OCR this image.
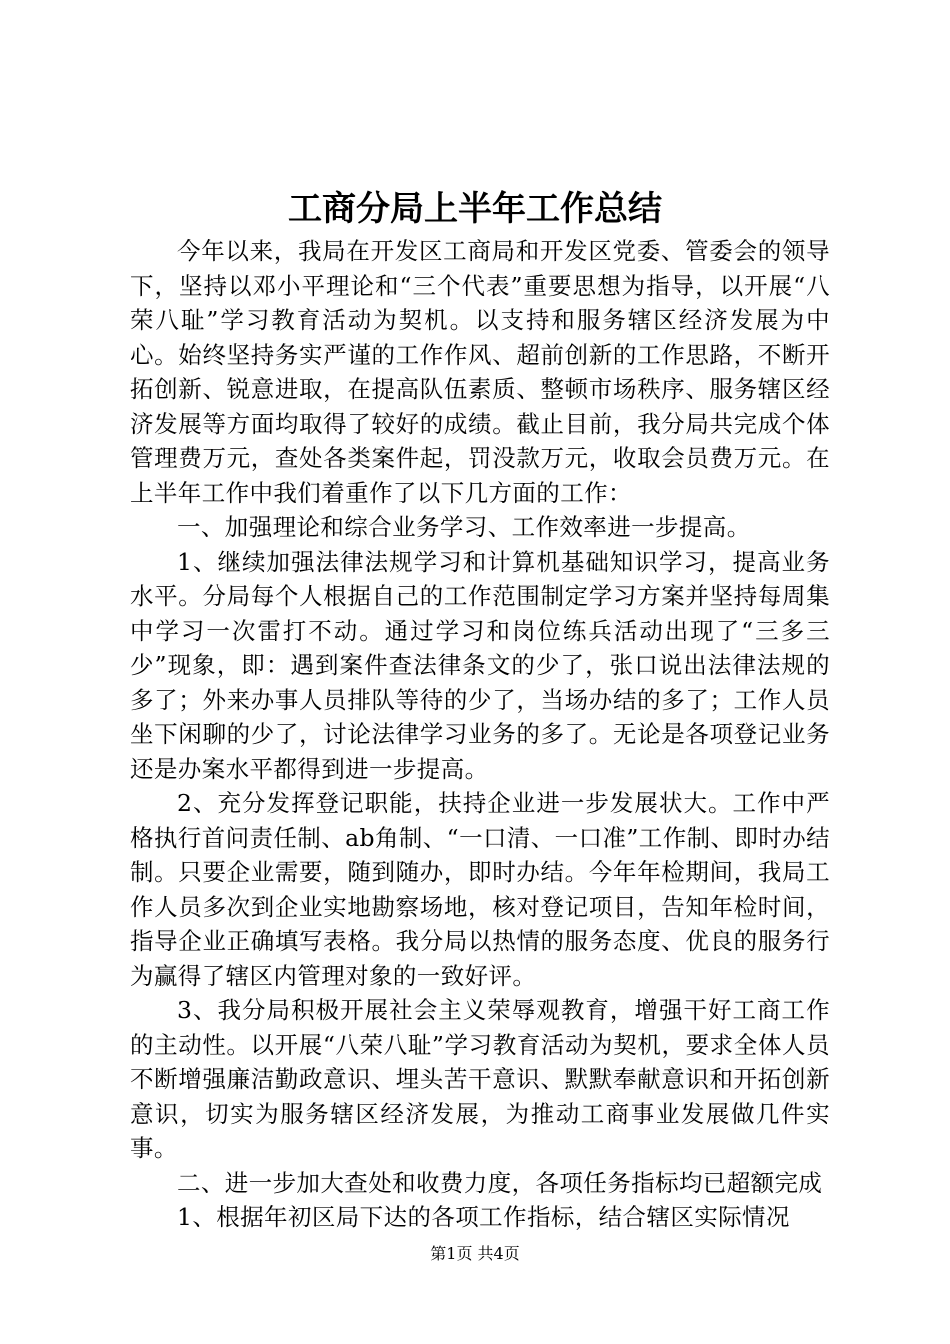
工商分局上半年工作总结

今年以来，我局在开发区工商局和开发区党委、管委会的领导下，坚持以邓小平理论和“三个代表”重要思想为指导，以开展“八荣八耻”学习教育活动为契机。以支持和服务辖区经济发展为中心。始终坚持务实严谨的工作作风、超前创新的工作思路，不断开拓创新、锐意进取，在提高队伍素质、整顿市场秩序、服务辖区经济发展等方面均取得了较好的成绩。截止目前，我分局共完成个体管理费万元，查处各类案件起，罚没款万元，收取会员费万元。在上半年工作中我们着重作了以下几方面的工作：

一、加强理论和综合业务学习、工作效率进一步提高。

1、继续加强法律法规学习和计算机基础知识学习，提高业务水平。分局每个人根据自己的工作范围制定学习方案并坚持每周集中学习一次雷打不动。通过学习和岗位练兵活动出现了“三多三少”现象，即：遇到案件查法律条文的少了，张口说出法律法规的多了；外来办事人员排队等待的少了，当场办结的多了；工作人员坐下闲聊的少了，讨论法律学习业务的多了。无论是各项登记业务还是办案水平都得到进一步提高。

2、充分发挥登记职能，扶持企业进一步发展状大。工作中严格执行首问责任制、ab角制、“一口清、一口准”工作制、即时办结制。只要企业需要，随到随办，即时办结。今年年检期间，我局工作人员多次到企业实地勘察场地，核对登记项目，告知年检时间，指导企业正确填写表格。我分局以热情的服务态度、优良的服务行为赢得了辖区内管理对象的一致好评。

3、我分局积极开展社会主义荣辱观教育，增强干好工商工作的主动性。以开展“八荣八耻”学习教育活动为契机，要求全体人员不断增强廉洁勤政意识、埋头苦干意识、默默奉献意识和开拓创新意识，切实为服务辖区经济发展，为推动工商事业发展做几件实事。

二、进一步加大查处和收费力度，各项任务指标均已超额完成

1、根据年初区局下达的各项工作指标，结合辖区实际情况

第1页 共4页
